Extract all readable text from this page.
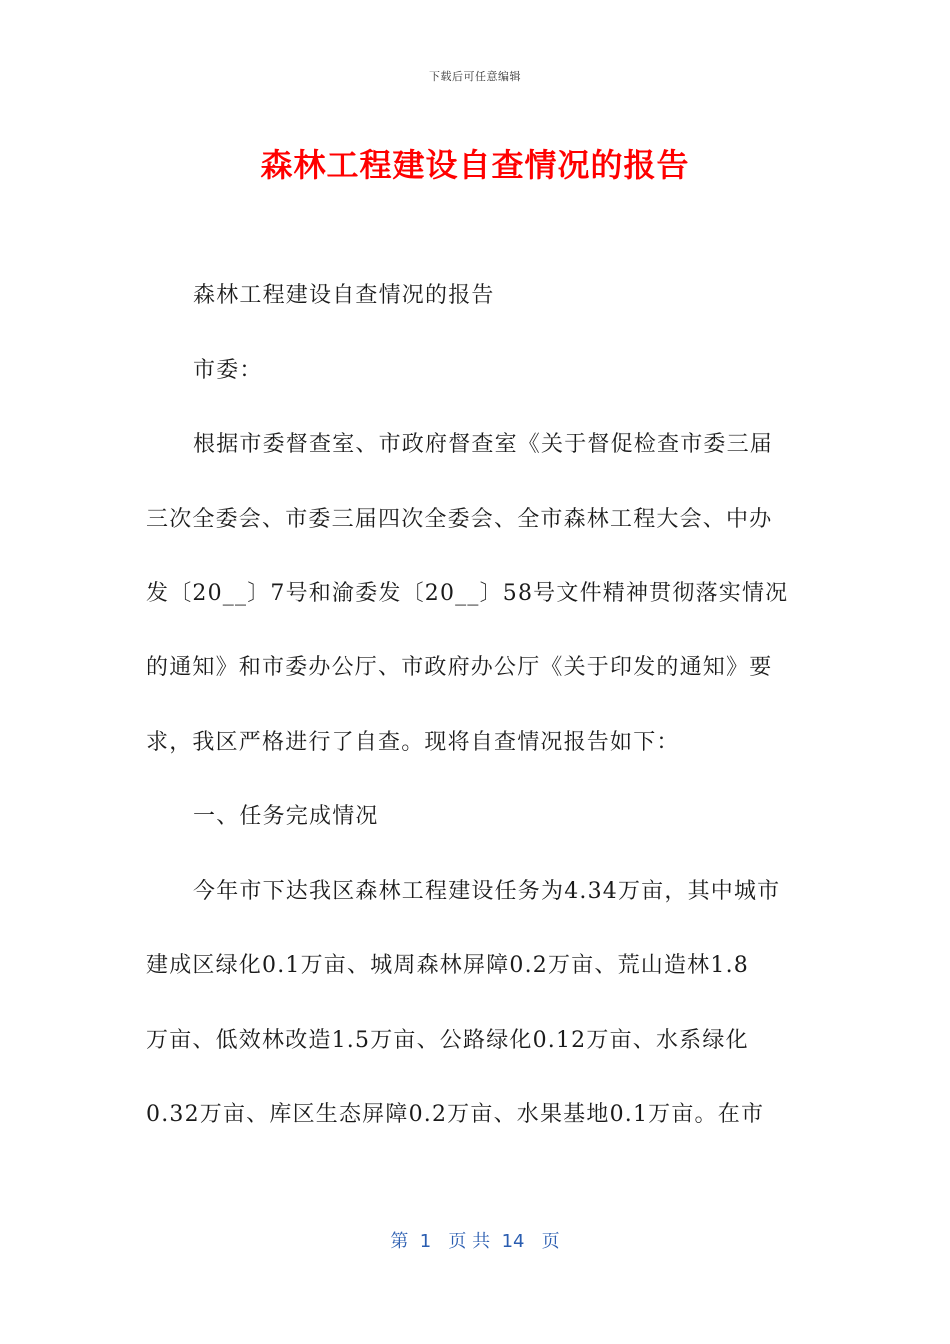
下载后可任意编辑
森林工程建设自查情况的报告
森林工程建设自查情况的报告
市委：
根据市委督查室、市政府督查室《关于督促检查市委三届
三次全委会、市委三届四次全委会、全市森林工程大会、中办
发〔20__〕7号和渝委发〔20__〕58号文件精神贯彻落实情况
的通知》和市委办公厅、市政府办公厅《关于印发的通知》要
求，我区严格进行了自查。现将自查情况报告如下：
一、任务完成情况
今年市下达我区森林工程建设任务为4.34万亩，其中城市
建成区绿化0.1万亩、城周森林屏障0.2万亩、荒山造林1.8
万亩、低效林改造1.5万亩、公路绿化0.12万亩、水系绿化
0.32万亩、库区生态屏障0.2万亩、水果基地0.1万亩。在市
第  1   页 共  14   页
